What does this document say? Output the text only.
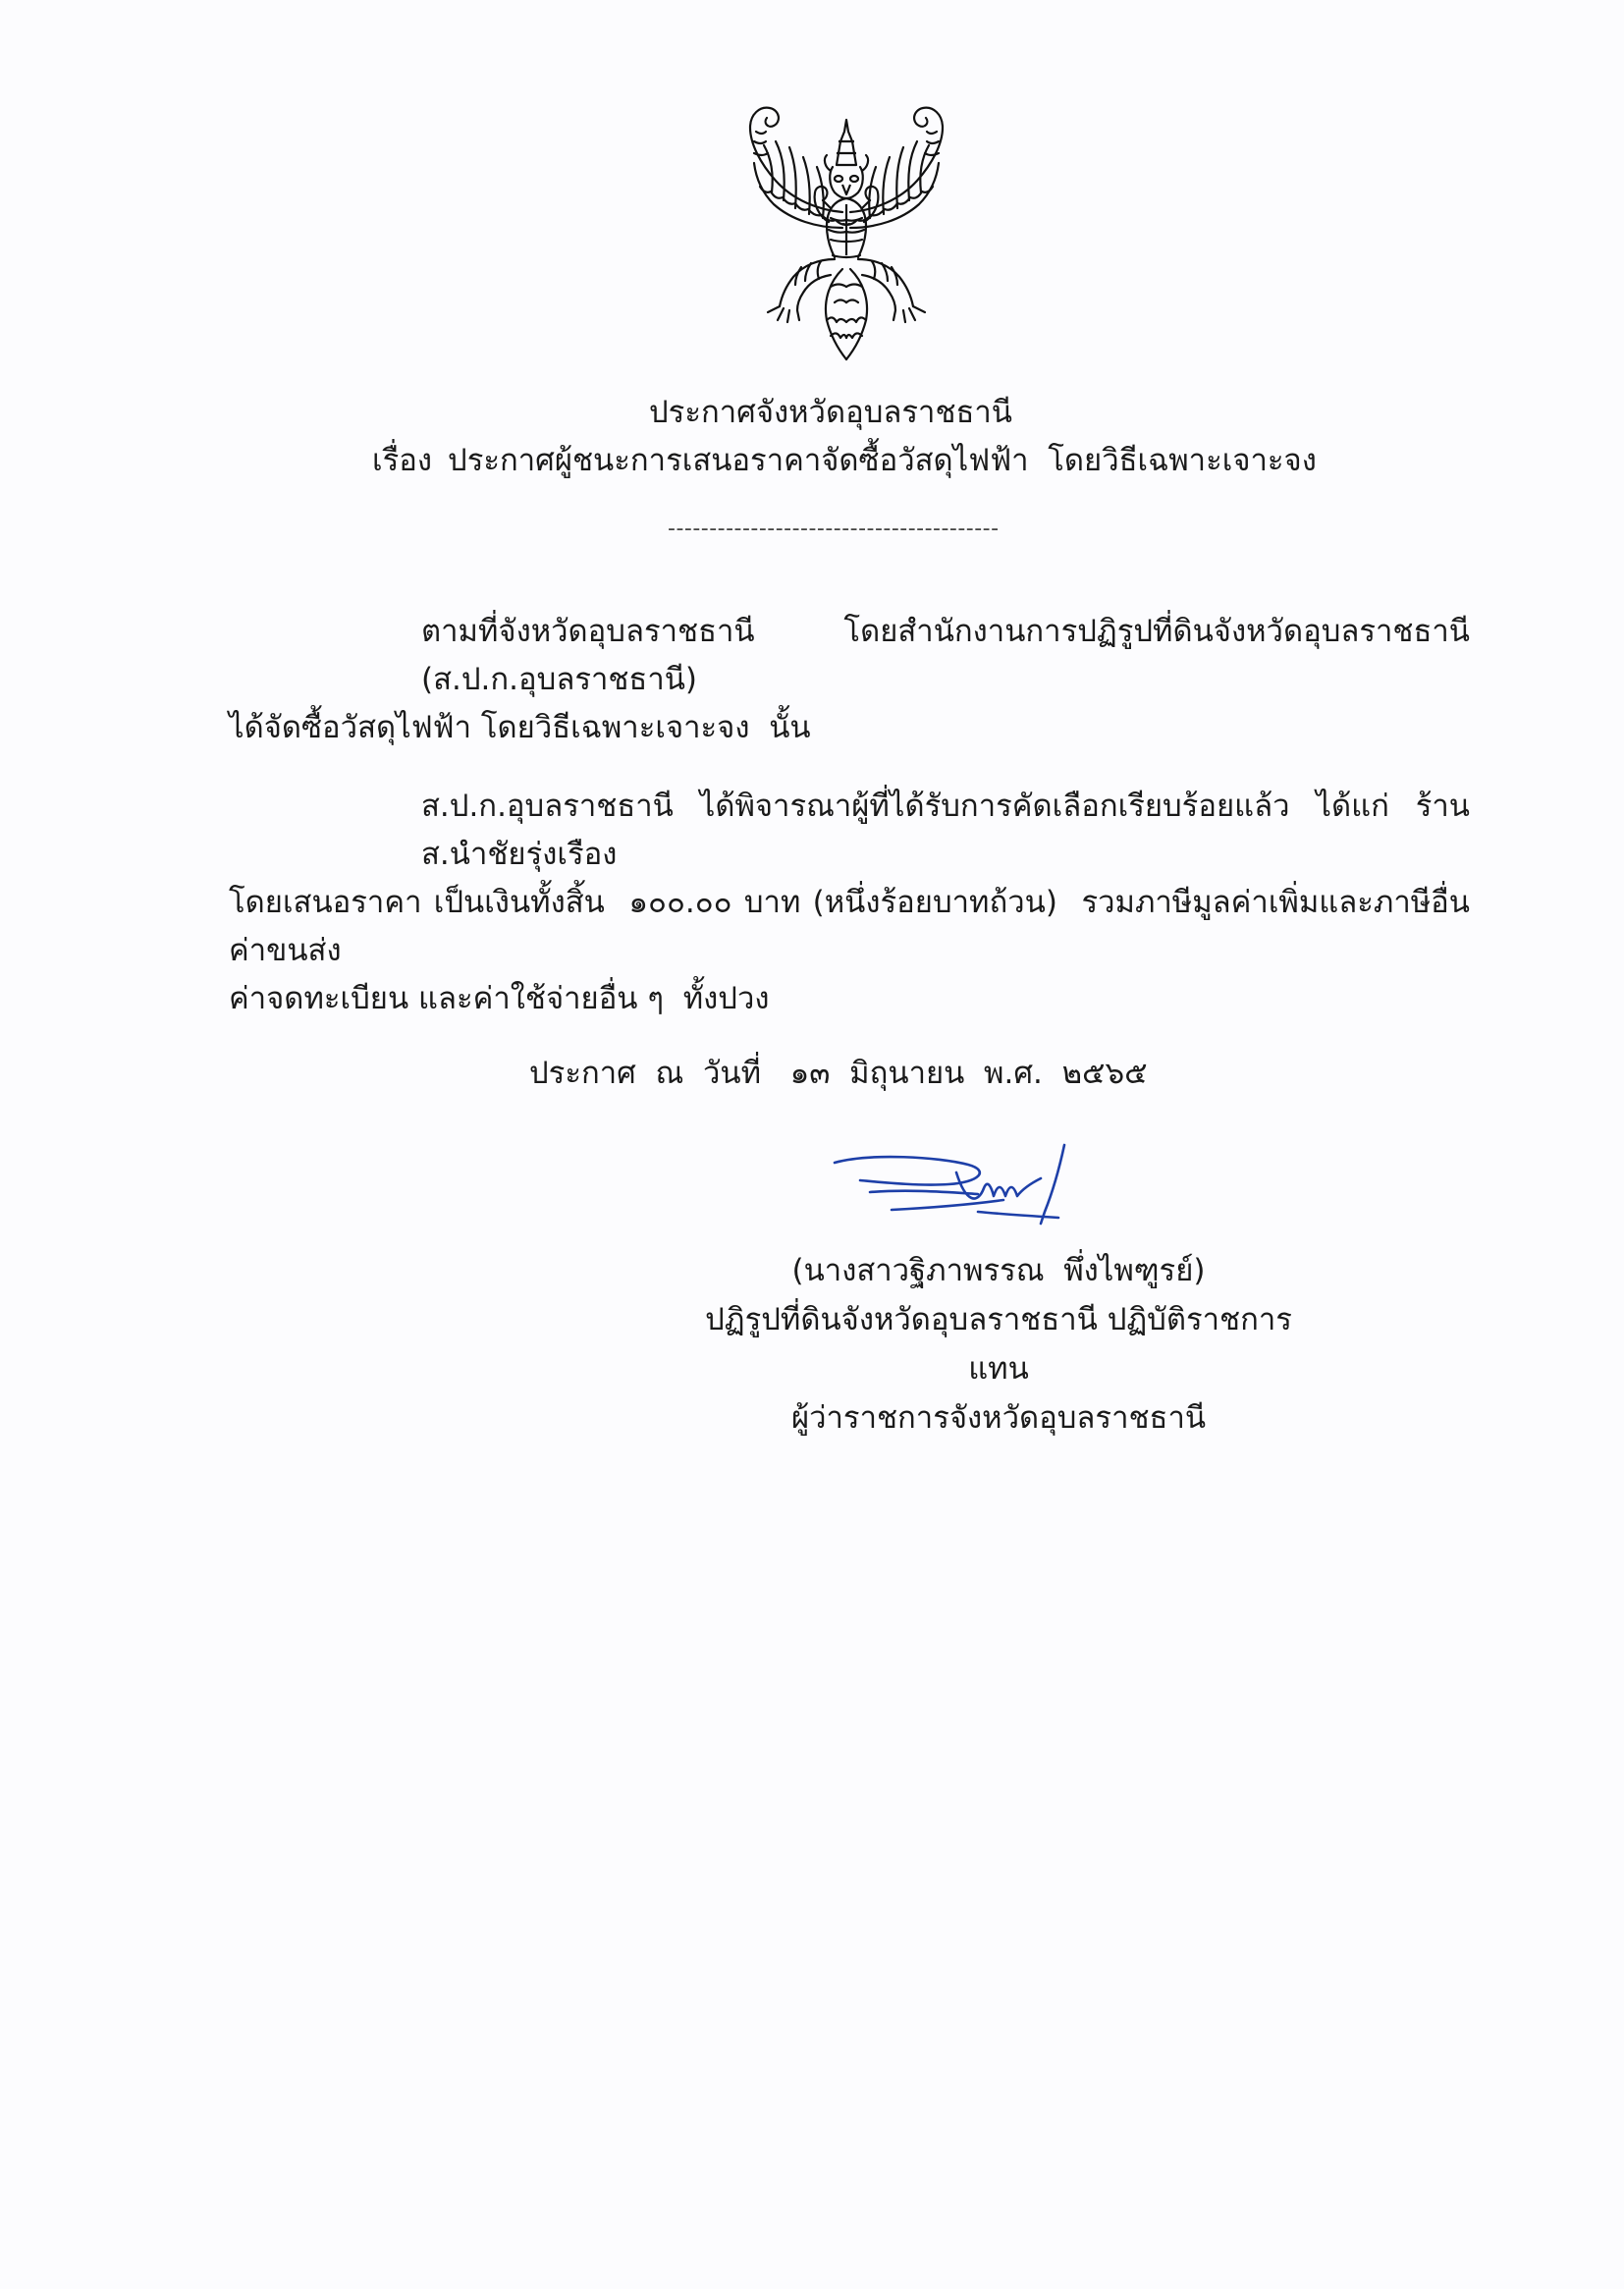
ประกาศจังหวัดอุบลราชธานี
เรื่อง ประกาศผู้ชนะการเสนอราคาจัดซื้อวัสดุไฟฟ้า  โดยวิธีเฉพาะเจาะจง
----------------------------------------
ตามที่จังหวัดอุบลราชธานี โดยสำนักงานการปฏิรูปที่ดินจังหวัดอุบลราชธานี (ส.ป.ก.อุบลราชธานี)
ได้จัดซื้อวัสดุไฟฟ้า โดยวิธีเฉพาะเจาะจง  นั้น
ส.ป.ก.อุบลราชธานี ได้พิจารณาผู้ที่ได้รับการคัดเลือกเรียบร้อยแล้ว ได้แก่ ร้าน ส.นำชัยรุ่งเรือง
โดยเสนอราคา เป็นเงินทั้งสิ้น  ๑๐๐.๐๐ บาท (หนึ่งร้อยบาทถ้วน)  รวมภาษีมูลค่าเพิ่มและภาษีอื่น  ค่าขนส่ง
ค่าจดทะเบียน และค่าใช้จ่ายอื่น ๆ  ทั้งปวง
ประกาศ  ณ  วันที่   ๑๓  มิถุนายน  พ.ศ.  ๒๕๖๕
(นางสาวฐิภาพรรณ  พึ่งไพฑูรย์)
ปฏิรูปที่ดินจังหวัดอุบลราชธานี ปฏิบัติราชการแทน
ผู้ว่าราชการจังหวัดอุบลราชธานี
